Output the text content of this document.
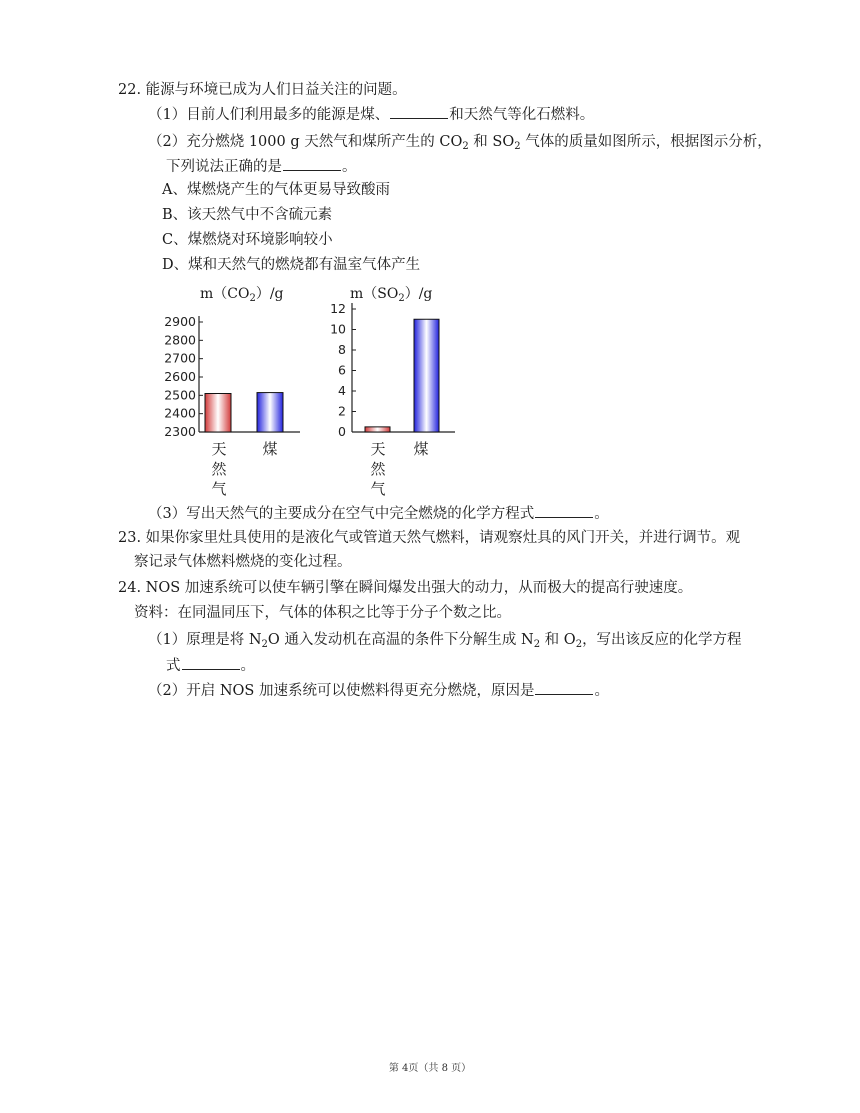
22. 能源与环境已成为人们日益关注的问题。
（1）目前人们利用最多的能源是煤、	和天然气等化石燃料。
（2）充分燃烧 1000 g 天然气和煤所产生的 $CO_2$ 和 $SO_2$ 气体的质量如图所示，根据图示分析，
下列说法正确的是	。
A、煤燃烧产生的气体更易导致酸雨
B、该天然气中不含硫元素
C、煤燃烧对环境影响较小
D、煤和天然气的燃烧都有温室气体产生
$m(CO_2)/g$	$m(SO_2)/g$
2300
2400
2500
2600
2700
2800
2900
天
然
气
煤
0
2
4
6
8
10
12
天
然
气
煤
（3）写出天然气的主要成分在空气中完全燃烧的化学方程式	。
23. 如果你家里灶具使用的是液化气或管道天然气燃料，请观察灶具的风门开关，并进行调节。观
察记录气体燃料燃烧的变化过程。
24. NOS 加速系统可以使车辆引擎在瞬间爆发出强大的动力，从而极大的提高行驶速度。
资料：在同温同压下，气体的体积之比等于分子个数之比。
（1）原理是将 $N_2O$ 通入发动机在高温的条件下分解生成 $N_2$ 和 $O_2$，写出该反应的化学方程
式	。
（2）开启 NOS 加速系统可以使燃料得更充分燃烧，原因是	。
第 4页（共 8 页）
